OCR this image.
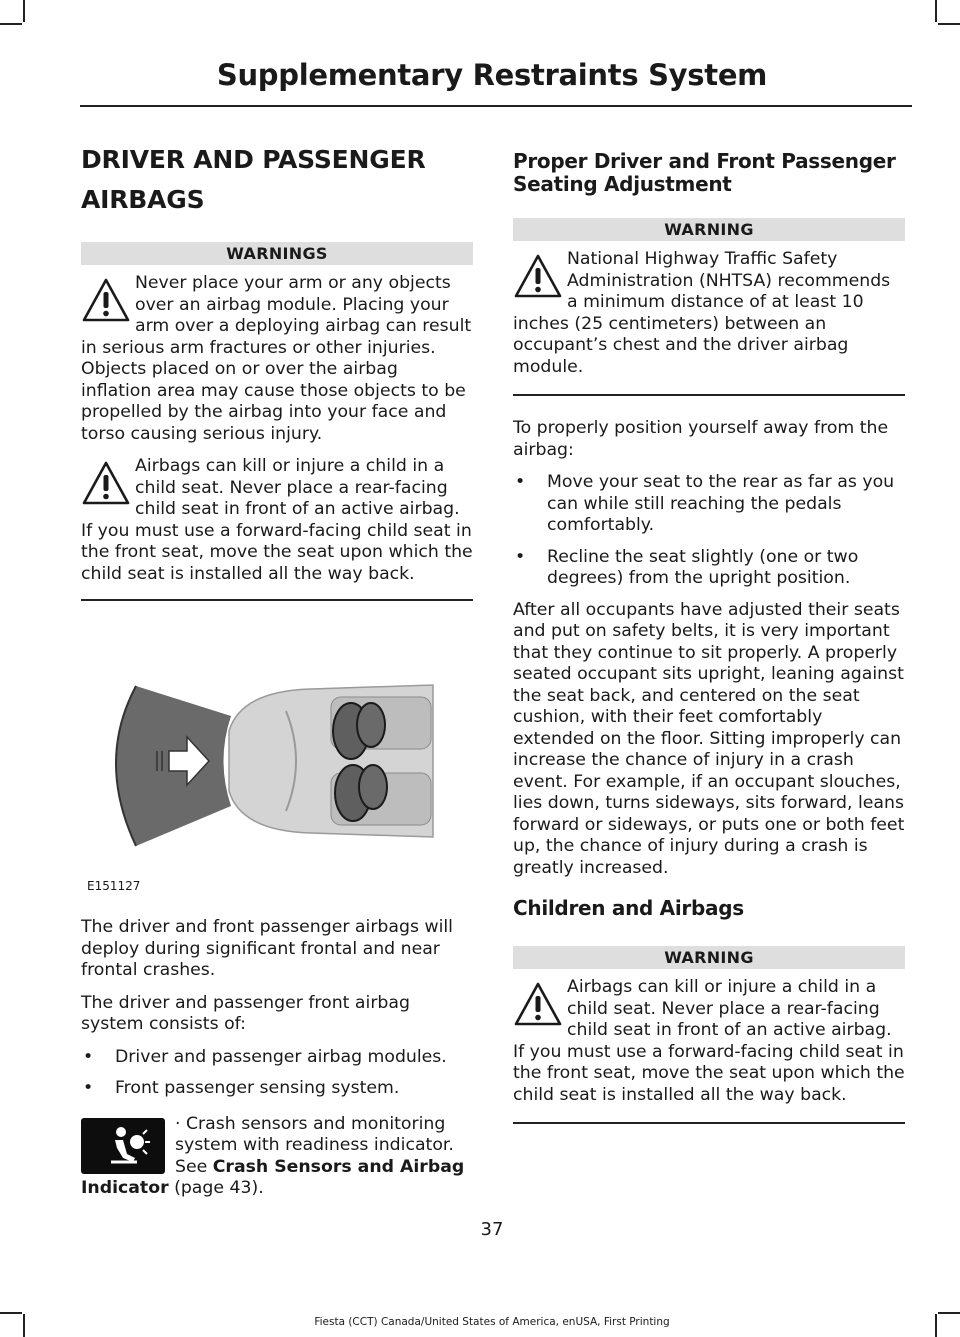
Supplementary Restraints System
DRIVER AND PASSENGER
AIRBAGS
WARNINGS
Never place your arm or any objects over an airbag module. Placing your arm over a deploying airbag can result in serious arm fractures or other injuries. Objects placed on or over the airbag inflation area may cause those objects to be propelled by the airbag into your face and torso causing serious injury.
Airbags can kill or injure a child in a child seat. Never place a rear-facing child seat in front of an active airbag. If you must use a forward-facing child seat in the front seat, move the seat upon which the child seat is installed all the way back.
E151127

The driver and front passenger airbags will deploy during significant frontal and near frontal crashes.

The driver and passenger front airbag system consists of:

• Driver and passenger airbag modules.
• Front passenger sensing system.
· Crash sensors and monitoring system with readiness indicator. See Crash Sensors and Airbag Indicator (page 43).
Proper Driver and Front Passenger Seating Adjustment
WARNING
National Highway Traffic Safety Administration (NHTSA) recommends a minimum distance of at least 10 inches (25 centimeters) between an occupant’s chest and the driver airbag module.

To properly position yourself away from the airbag:

• Move your seat to the rear as far as you can while still reaching the pedals comfortably.
• Recline the seat slightly (one or two degrees) from the upright position.

After all occupants have adjusted their seats and put on safety belts, it is very important that they continue to sit properly. A properly seated occupant sits upright, leaning against the seat back, and centered on the seat cushion, with their feet comfortably extended on the floor. Sitting improperly can increase the chance of injury in a crash event. For example, if an occupant slouches, lies down, turns sideways, sits forward, leans forward or sideways, or puts one or both feet up, the chance of injury during a crash is greatly increased.

Children and Airbags
WARNING
Airbags can kill or injure a child in a child seat. Never place a rear-facing child seat in front of an active airbag. If you must use a forward-facing child seat in the front seat, move the seat upon which the child seat is installed all the way back.
37
Fiesta (CCT) Canada/United States of America, enUSA, First Printing
